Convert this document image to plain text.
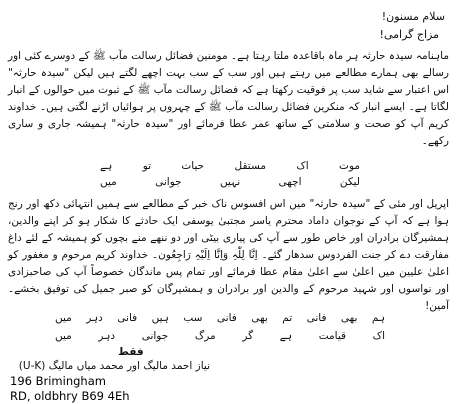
سلام مسنون!
مزاج گرامی!
ماہنامہ سیدہ حارثہ ہر ماہ باقاعدہ ملتا رہتا ہے۔ مومنین فضائل رسالت مآب ﷺ کے دوسرے کئی اور رسالے بھی ہمارے مطالعے میں رہتے ہیں اور سب کے سب بہت اچھے لگتے ہیں لیکن "سیدہ حارثہ" اس اعتبار سے شاید سب پر فوقیت رکھتا ہے کہ فضائل رسالت مآب ﷺ کے ثبوت میں حوالوں کے انبار لگاتا ہے۔ ایسے انبار کہ منکرین فضائل رسالت مآب ﷺ کے چہروں پر ہوائیاں اڑنے لگتی ہیں۔ خداوند کریم آپ کو صحت و سلامتی کے ساتھ عمر عطا فرمائے اور "سیدہ حارثہ" ہمیشہ جاری و ساری رکھے۔
موت اک مستقل حیات تو ہے
لیکن اچھی نہیں جوانی میں
اپریل اور مئی کے "سیدہ حارثہ" میں اس افسوس ناک خبر کے مطالعے سے ہمیں انتہائی دکھ اور رنج ہوا ہے کہ آپ کے نوجوان داماد محترم یاسر مجتبیٰ یوسفی ایک حادثے کا شکار ہو کر اپنے والدین، ہمشیرگان برادران اور خاص طور سے آپ کی پیاری بیٹی اور دو ننھے منے بچوں کو ہمیشہ کے لئے داغ مفارقت دے کر جنت الفردوس سدھار گئے۔ اِنَّا لِلّٰہِ وَاِنَّا اِلَیْہِ رَاجِعُون۔ خداوند کریم مرحوم و مغفور کو اعلیٰ علیین میں اعلیٰ سے اعلیٰ مقام عطا فرمائے اور تمام پس ماندگان خصوصاً آپ کی صاحبزادی اور نواسوں اور شہید مرحوم کے والدین اور برادران و ہمشیرگان کو صبر جمیل کی توفیق بخشے۔ آمین!
ہم بھی فانی تم بھی فانی سب ہیں فانی دہر میں
اک قیامت ہے گر مرگ جوانی دہر میں
فقط
نیاز احمد مالیگ اور محمد میاں مالیگ (U-K)
196 Brimingham
RD, oldbhry B69 4Eh
